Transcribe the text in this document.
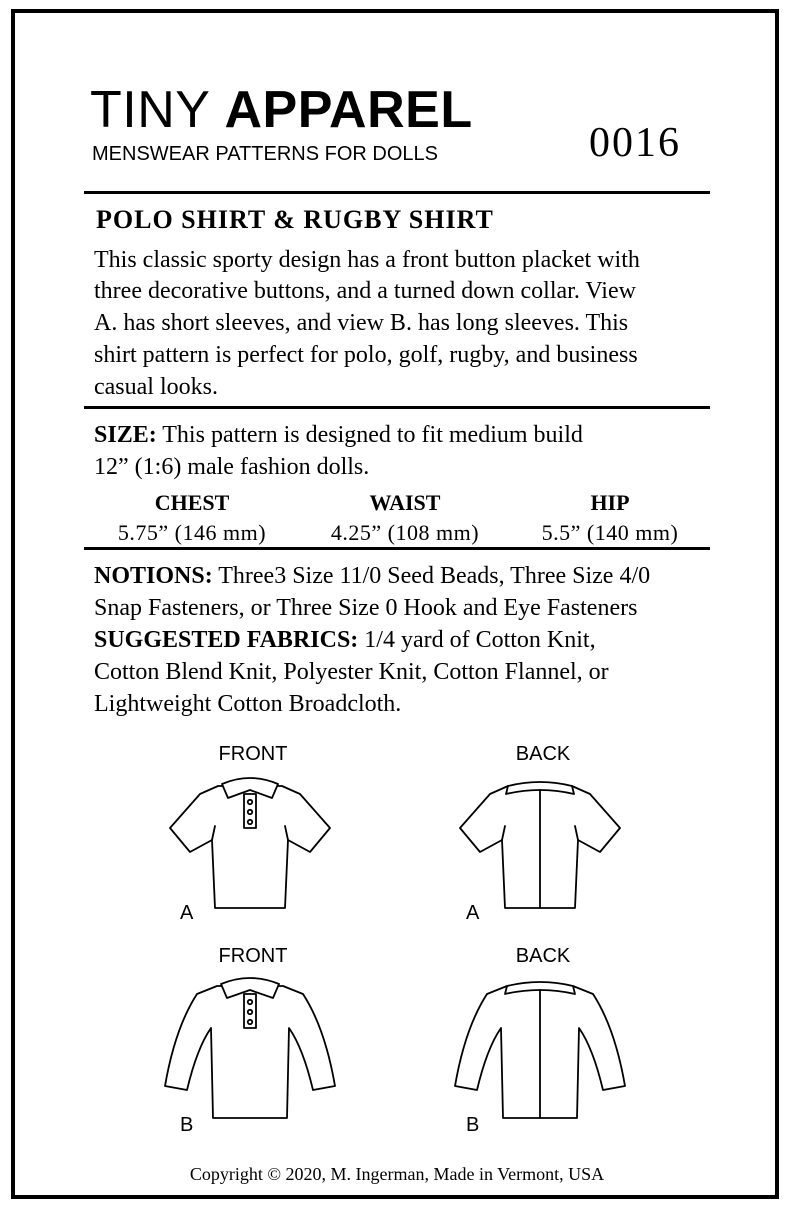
TINY APPAREL
MENSWEAR PATTERNS FOR DOLLS	0016
POLO SHIRT & RUGBY SHIRT
This classic sporty design has a front button placket with
three decorative buttons, and a turned down collar. View
A. has short sleeves, and view B. has long sleeves. This
shirt pattern is perfect for polo, golf, rugby, and business
casual looks.
SIZE: This pattern is designed to fit medium build
12” (1:6) male fashion dolls.
CHEST	WAIST	HIP
5.75” (146 mm)	4.25” (108 mm)	5.5” (140 mm)
NOTIONS: Three3 Size 11/0 Seed Beads, Three Size 4/0
Snap Fasteners, or Three Size 0 Hook and Eye Fasteners
SUGGESTED FABRICS: 1/4 yard of Cotton Knit,
Cotton Blend Knit, Polyester Knit, Cotton Flannel, or
Lightweight Cotton Broadcloth.
FRONT	BACK
FRONT	BACK
A	A
B	B
Copyright © 2020, M. Ingerman, Made in Vermont, USA
